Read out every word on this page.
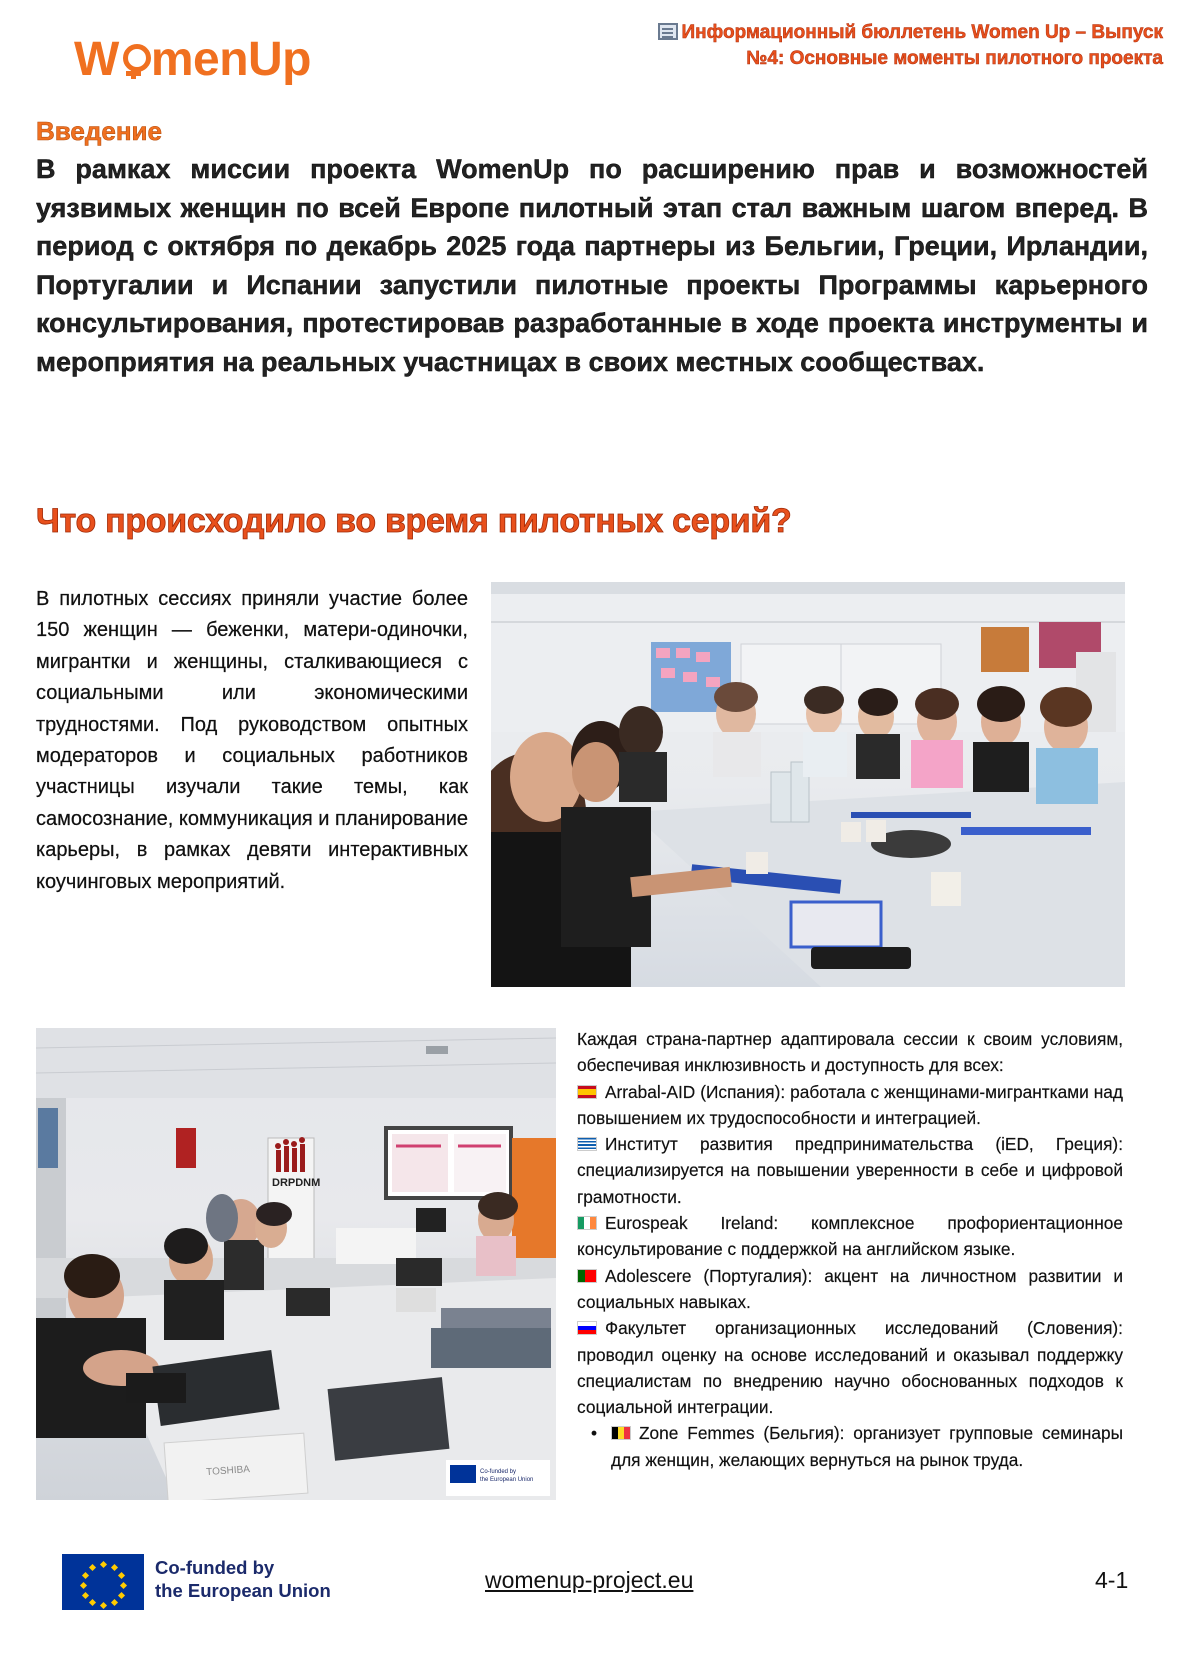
W menUp
Информационный бюллетень Women Up – Выпуск
№4: Основные моменты пилотного проекта
Введение

В рамках миссии проекта WomenUp по расширению прав и возможностей уязвимых женщин по всей Европе пилотный этап стал важным шагом вперед. В период с октября по декабрь 2025 года партнеры из Бельгии, Греции, Ирландии, Португалии и Испании запустили пилотные проекты Программы карьерного консультирования, протестировав разработанные в ходе проекта инструменты и мероприятия на реальных участницах в своих местных сообществах.

Что происходило во время пилотных серий?

В пилотных сессиях приняли участие более 150 женщин — беженки, матери-одиночки, мигрантки и женщины, сталкивающиеся с социальными или экономическими трудностями. Под руководством опытных модераторов и социальных работников участницы изучали такие темы, как самосознание, коммуникация и планирование карьеры, в рамках девяти интерактивных коучинговых мероприятий.

DRPDNM
TOSHIBA	Co-funded by
the European Union

Каждая страна-партнер адаптировала сессии к своим условиям, обеспечивая инклюзивность и доступность для всех:

Arrabal-AID (Испания): работала с женщинами-мигрантками над повышением их трудоспособности и интеграцией.
Институт развития предпринимательства (iED, Греция): специализируется на повышении уверенности в себе и цифровой грамотности.
Eurospeak Ireland: комплексное профориентационное консультирование с поддержкой на английском языке.
Adolescere (Португалия): акцент на личностном развитии и социальных навыках.
Факультет организационных исследований (Словения): проводил оценку на основе исследований и оказывал поддержку специалистам по внедрению научно обоснованных подходов к социальной интеграции.
• Zone Femmes (Бельгия): организует групповые семинары для женщин, желающих вернуться на рынок труда.
Co-funded by
the European Union	womenup-project.eu	4-1
